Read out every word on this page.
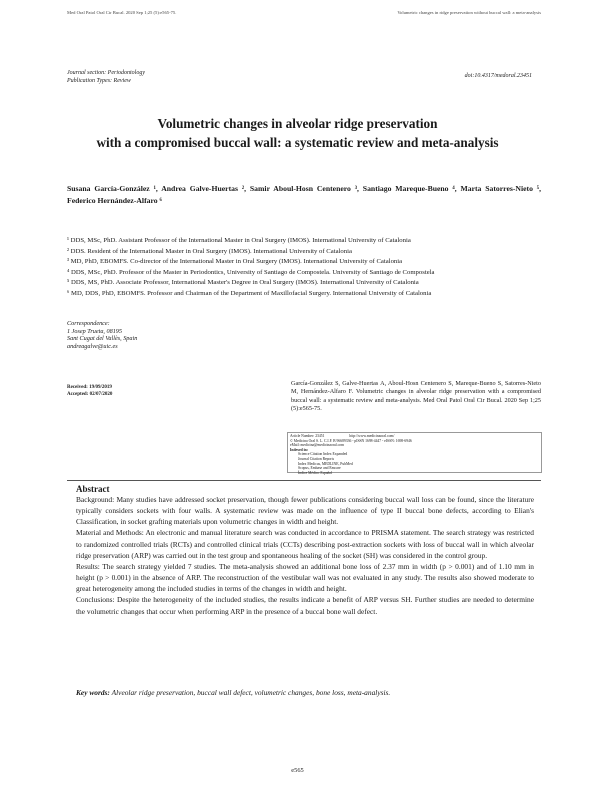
Med Oral Patol Oral Cir Bucal. 2020 Sep 1;25 (5):e565-75.	Volumetric changes in ridge preservation without buccal wall: a meta-analysis
Journal section: Periodontology
Publication Types: Review
doi:10.4317/medoral.23451
Volumetric changes in alveolar ridge preservation
with a compromised buccal wall: a systematic review and meta-analysis
Susana García-González ¹, Andrea Galve-Huertas ², Samir Aboul-Hosn Centenero ³, Santiago Mareque-Bueno ⁴, Marta Satorres-Nieto ⁵, Federico Hernández-Alfaro ⁶
¹ DDS, MSc, PhD. Assistant Professor of the International Master in Oral Surgery (IMOS). International University of Catalonia
² DDS. Resident of the International Master in Oral Surgery (IMOS). International University of Catalonia
³ MD, PhD, EBOMFS. Co-director of the International Master in Oral Surgery (IMOS). International University of Catalonia
⁴ DDS, MSc, PhD. Professor of the Master in Periodontics, University of Santiago de Compostela. University of Santiago de Compostela
⁵ DDS, MS, PhD. Associate Professor, International Master's Degree in Oral Surgery (IMOS). International University of Catalonia
⁶ MD, DDS, PhD, EBOMFS. Professor and Chairman of the Department of Maxillofacial Surgery. International University of Catalonia
Correspondence:
1 Josep Trueta, 08195
Sant Cugat del Vallès, Spain
andreagalve@uic.es
Received: 19/09/2019
Accepted: 02/07/2020
García-González S, Galve-Huertas A, Aboul-Hosn Centenero S, Mareque-Bueno S, Satorres-Nieto M, Hernández-Alfaro F. Volumetric changes in alveolar ridge preservation with a compromised buccal wall: a systematic review and meta-analysis. Med Oral Patol Oral Cir Bucal. 2020 Sep 1;25 (5):e565-75.
Article Number: 23451	http://www.medicinaoral.com/
© Medicina Oral S. L. C.I.F. B 96689336 - pISSN 1698-4447 - eISSN: 1698-6946
eMail: medicina@medicinaoral.com
Indexed in:
Science Citation Index Expanded
Journal Citation Reports
Index Medicus, MEDLINE, PubMed
Scopus, Embase and Emcare
Índice Médico Español
Abstract

Background: Many studies have addressed socket preservation, though fewer publications considering buccal wall loss can be found, since the literature typically considers sockets with four walls. A systematic review was made on the influence of type II buccal bone defects, according to Elian's Classification, in socket grafting materials upon volumetric changes in width and height.

Material and Methods: An electronic and manual literature search was conducted in accordance to PRISMA statement. The search strategy was restricted to randomized controlled trials (RCTs) and controlled clinical trials (CCTs) describing post-extraction sockets with loss of buccal wall in which alveolar ridge preservation (ARP) was carried out in the test group and spontaneous healing of the socket (SH) was considered in the control group.

Results: The search strategy yielded 7 studies. The meta-analysis showed an additional bone loss of 2.37 mm in width (p > 0.001) and of 1.10 mm in height (p > 0.001) in the absence of ARP. The reconstruction of the vestibular wall was not evaluated in any study. The results also showed moderate to great heterogeneity among the included studies in terms of the changes in width and height.

Conclusions: Despite the heterogeneity of the included studies, the results indicate a benefit of ARP versus SH. Further studies are needed to determine the volumetric changes that occur when performing ARP in the presence of a buccal bone wall defect.

Key words: Alveolar ridge preservation, buccal wall defect, volumetric changes, bone loss, meta-analysis.
e565
